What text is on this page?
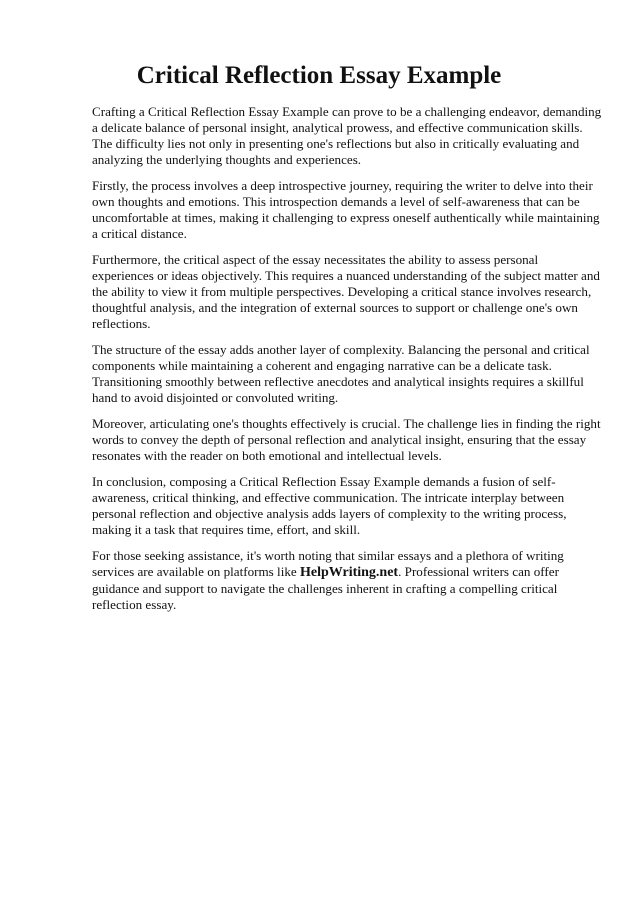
Critical Reflection Essay Example

Crafting a Critical Reflection Essay Example can prove to be a challenging endeavor, demanding a delicate balance of personal insight, analytical prowess, and effective communication skills. The difficulty lies not only in presenting one's reflections but also in critically evaluating and analyzing the underlying thoughts and experiences.

Firstly, the process involves a deep introspective journey, requiring the writer to delve into their own thoughts and emotions. This introspection demands a level of self-awareness that can be uncomfortable at times, making it challenging to express oneself authentically while maintaining a critical distance.

Furthermore, the critical aspect of the essay necessitates the ability to assess personal experiences or ideas objectively. This requires a nuanced understanding of the subject matter and the ability to view it from multiple perspectives. Developing a critical stance involves research, thoughtful analysis, and the integration of external sources to support or challenge one's own reflections.

The structure of the essay adds another layer of complexity. Balancing the personal and critical components while maintaining a coherent and engaging narrative can be a delicate task. Transitioning smoothly between reflective anecdotes and analytical insights requires a skillful hand to avoid disjointed or convoluted writing.

Moreover, articulating one's thoughts effectively is crucial. The challenge lies in finding the right words to convey the depth of personal reflection and analytical insight, ensuring that the essay resonates with the reader on both emotional and intellectual levels.

In conclusion, composing a Critical Reflection Essay Example demands a fusion of self-awareness, critical thinking, and effective communication. The intricate interplay between personal reflection and objective analysis adds layers of complexity to the writing process, making it a task that requires time, effort, and skill.

For those seeking assistance, it's worth noting that similar essays and a plethora of writing services are available on platforms like HelpWriting.net. Professional writers can offer guidance and support to navigate the challenges inherent in crafting a compelling critical reflection essay.
